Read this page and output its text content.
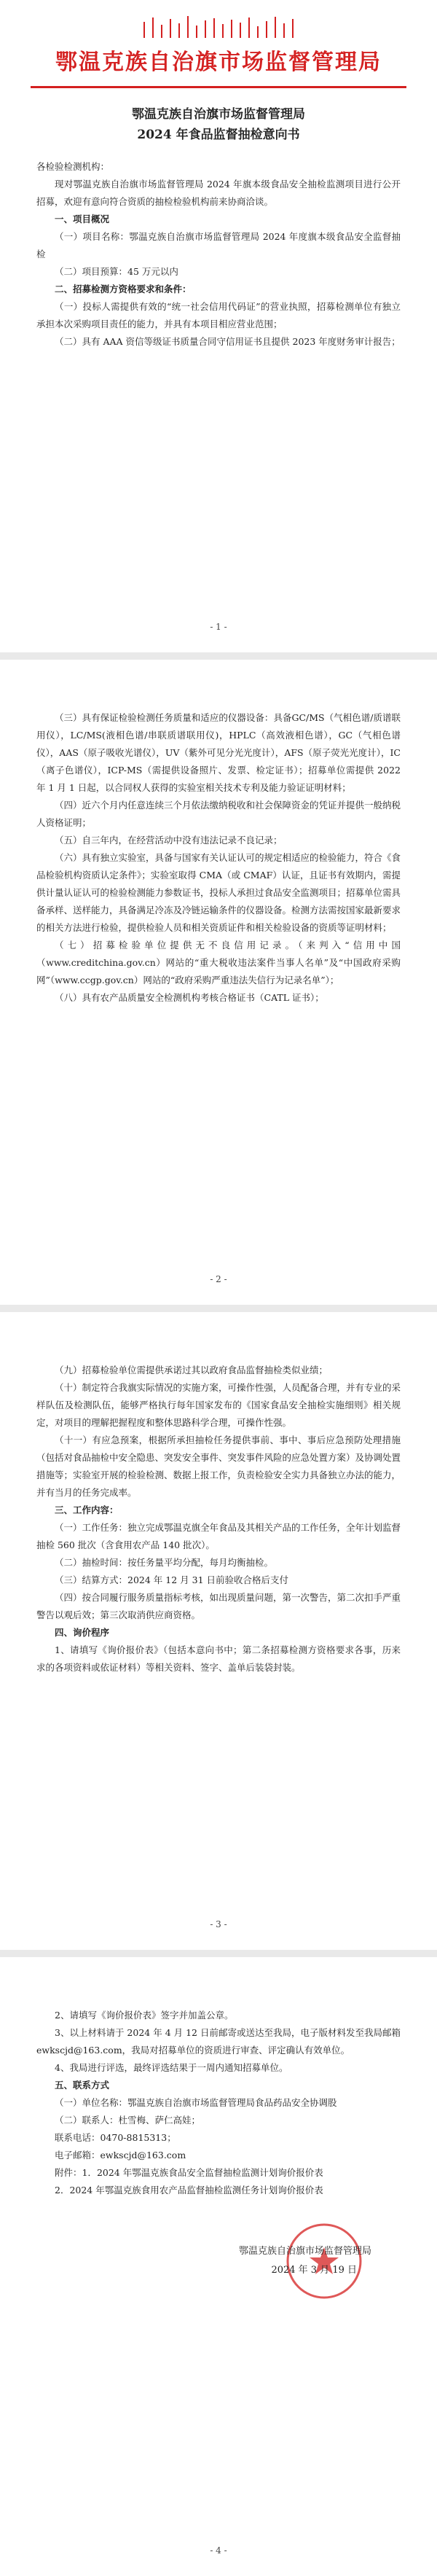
鄂温克族自治旗市场监督管理局
鄂温克族自治旗市场监督管理局
2024 年食品监督抽检意向书

各检验检测机构：

现对鄂温克族自治旗市场监督管理局 2024 年旗本级食品安全抽检监测项目进行公开招募，欢迎有意向符合资质的抽检检验机构前来协商洽谈。

一、项目概况

（一）项目名称：鄂温克族自治旗市场监督管理局 2024 年度旗本级食品安全监督抽检

（二）项目预算：45 万元以内

二、招募检测方资格要求和条件：

（一）投标人需提供有效的“统一社会信用代码证”的营业执照，招募检测单位有独立承担本次采购项目责任的能力，并具有本项目相应营业范围；

（二）具有 AAA 资信等级证书质量合同守信用证书且提供 2023 年度财务审计报告；

- 1 -

（三）具有保证检验检测任务质量和适应的仪器设备：具备GC/MS（气相色谱/质谱联用仪），LC/MS(液相色谱/串联质谱联用仪)，HPLC（高效液相色谱），GC（气相色谱仪），AAS（原子吸收光谱仪），UV（紫外可见分光光度计），AFS（原子荧光光度计），IC（离子色谱仪），ICP-MS（需提供设备照片、发票、检定证书）；招募单位需提供 2022 年 1 月 1 日起，以合同权人获得的实验室相关技术专利及能力验证证明材料；

（四）近六个月内任意连续三个月依法缴纳税收和社会保障资金的凭证并提供一般纳税人资格证明；

（五）自三年内，在经营活动中没有违法记录不良记录；

（六）具有独立实验室，具备与国家有关认证认可的规定相适应的检验能力，符合《食品检验机构资质认定条件》；实验室取得 CMA（或 CMAF）认证，且证书有效期内，需提供计量认证认可的检验检测能力参数证书，投标人承担过食品安全监测项目；招募单位需具备承样、送样能力，具备满足冷冻及冷链运输条件的仪器设备。检测方法需按国家最新要求的相关方法进行检验，提供检验人员和相关资质证件和相关检验设备的资质等证明材料；

（七）招募检验单位提供无不良信用记录。（来判入“信用中国（www.creditchina.gov.cn）网站的“重大税收违法案件当事人名单”及“中国政府采购网”（www.ccgp.gov.cn）网站的“政府采购严重违法失信行为记录名单”）；

（八）具有农产品质量安全检测机构考核合格证书（CATL 证书）；

- 2 -

（九）招募检验单位需提供承诺过其以政府食品监督抽检类似业绩；

（十）制定符合我旗实际情况的实施方案，可操作性强，人员配备合理，并有专业的采样队伍及检测队伍，能够严格执行每年国家发布的《国家食品安全抽检实施细则》相关规定，对项目的理解把握程度和整体思路科学合理，可操作性强。

（十一）有应急预案，根据所承担抽检任务提供事前、事中、事后应急预防处理措施（包括对食品抽检中安全隐患、突发安全事件、突发事件风险的应急处置方案）及协调处置措施等；实验室开展的检验检测、数据上报工作，负责检验安全实力具备独立办法的能力，并有当月的任务完成率。

三、工作内容：

（一）工作任务：独立完成鄂温克旗全年食品及其相关产品的工作任务，全年计划监督抽检 560 批次（含食用农产品 140 批次）。

（二）抽检时间：按任务量平均分配，每月均衡抽检。

（三）结算方式：2024 年 12 月 31 日前验收合格后支付

（四）按合同履行服务质量指标考核，如出现质量问题，第一次警告，第二次扣手严重警告以观后效；第三次取消供应商资格。

四、询价程序

1、请填写《询价报价表》（包括本意向书中；第二条招募检测方资格要求各事，历来求的各项资料或依证材料）等相关资料、签字、盖单后装袋封装。

- 3 -

2、请填写《询价报价表》签字并加盖公章。

3、以上材料请于 2024 年 4 月 12 日前邮寄或送达至我局，电子版材料发至我局邮箱 ewkscjd@163.com，我局对招募单位的资质进行审查、评定确认有效单位。

4、我局进行评选，最终评选结果于一周内通知招募单位。

五、联系方式

（一）单位名称：鄂温克族自治旗市场监督管理局食品药品安全协调股

（二）联系人：杜雪梅、萨仁高娃；

联系电话：0470-8815313；

电子邮箱：ewkscjd@163.com

附件：1．2024 年鄂温克族食品安全监督抽检监测计划询价报价表

2．2024 年鄂温克族食用农产品监督抽检监测任务计划询价报价表

鄂温克族自治旗市场监督管理局
2024 年 3 月 19 日
- 4 -
